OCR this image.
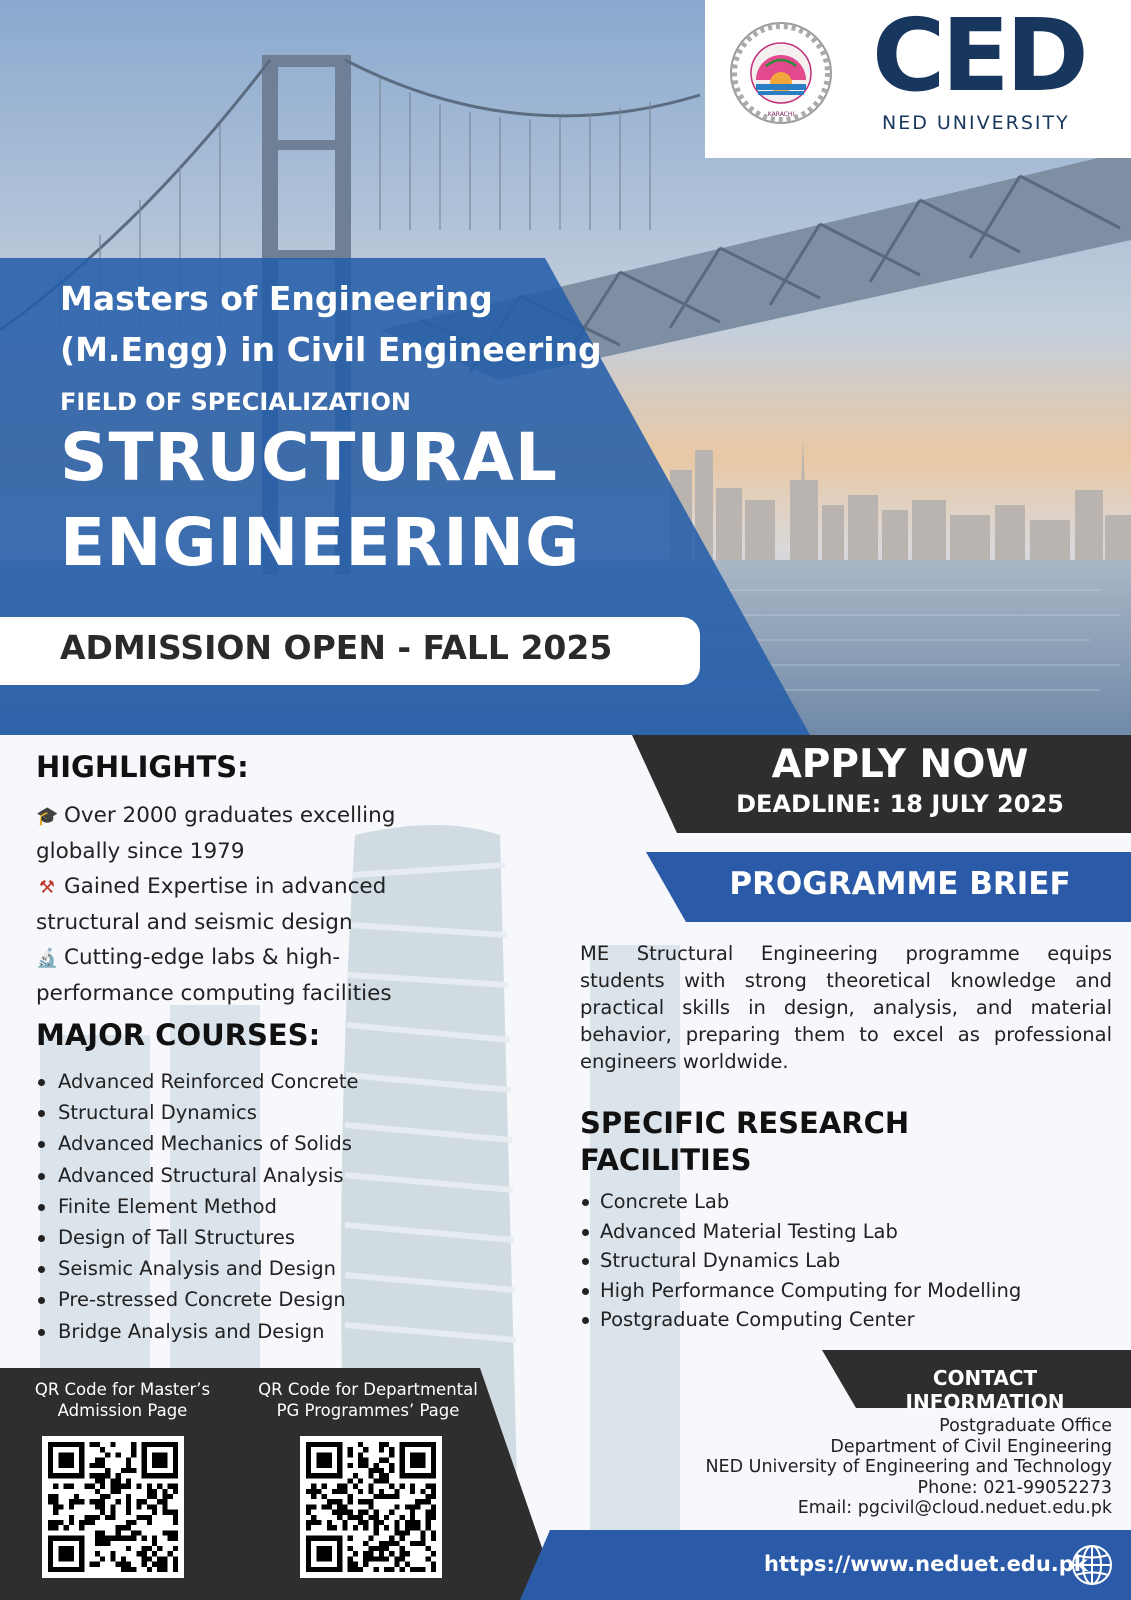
Masters of Engineering
(M.Engg) in Civil Engineering
FIELD OF SPECIALIZATION
STRUCTURAL
ENGINEERING
ADMISSION OPEN - FALL 2025
KARACHI
CED
NED UNIVERSITY
HIGHLIGHTS:
🎓 Over 2000 graduates excelling globally since 1979
⚒ Gained Expertise in advanced structural and seismic design
🔬 Cutting-edge labs & high-performance computing facilities
MAJOR COURSES:
Advanced Reinforced Concrete
Structural Dynamics
Advanced Mechanics of Solids
Advanced Structural Analysis
Finite Element Method
Design of Tall Structures
Seismic Analysis and Design
Pre-stressed Concrete Design
Bridge Analysis and Design
APPLY NOW
DEADLINE: 18 JULY 2025
PROGRAMME BRIEF
ME Structural Engineering programme equips students with strong theoretical knowledge and practical skills in design, analysis, and material behavior, preparing them to excel as professional engineers worldwide.
SPECIFIC RESEARCH FACILITIES
Concrete Lab
Advanced Material Testing Lab
Structural Dynamics Lab
High Performance Computing for Modelling
Postgraduate Computing Center
CONTACT INFORMATION
Postgraduate Office
Department of Civil Engineering
NED University of Engineering and Technology
Phone: 021-99052273
Email: pgcivil@cloud.neduet.edu.pk
QR Code for Master’s
Admission Page
QR Code for Departmental
PG Programmes’ Page
https://www.neduet.edu.pk
